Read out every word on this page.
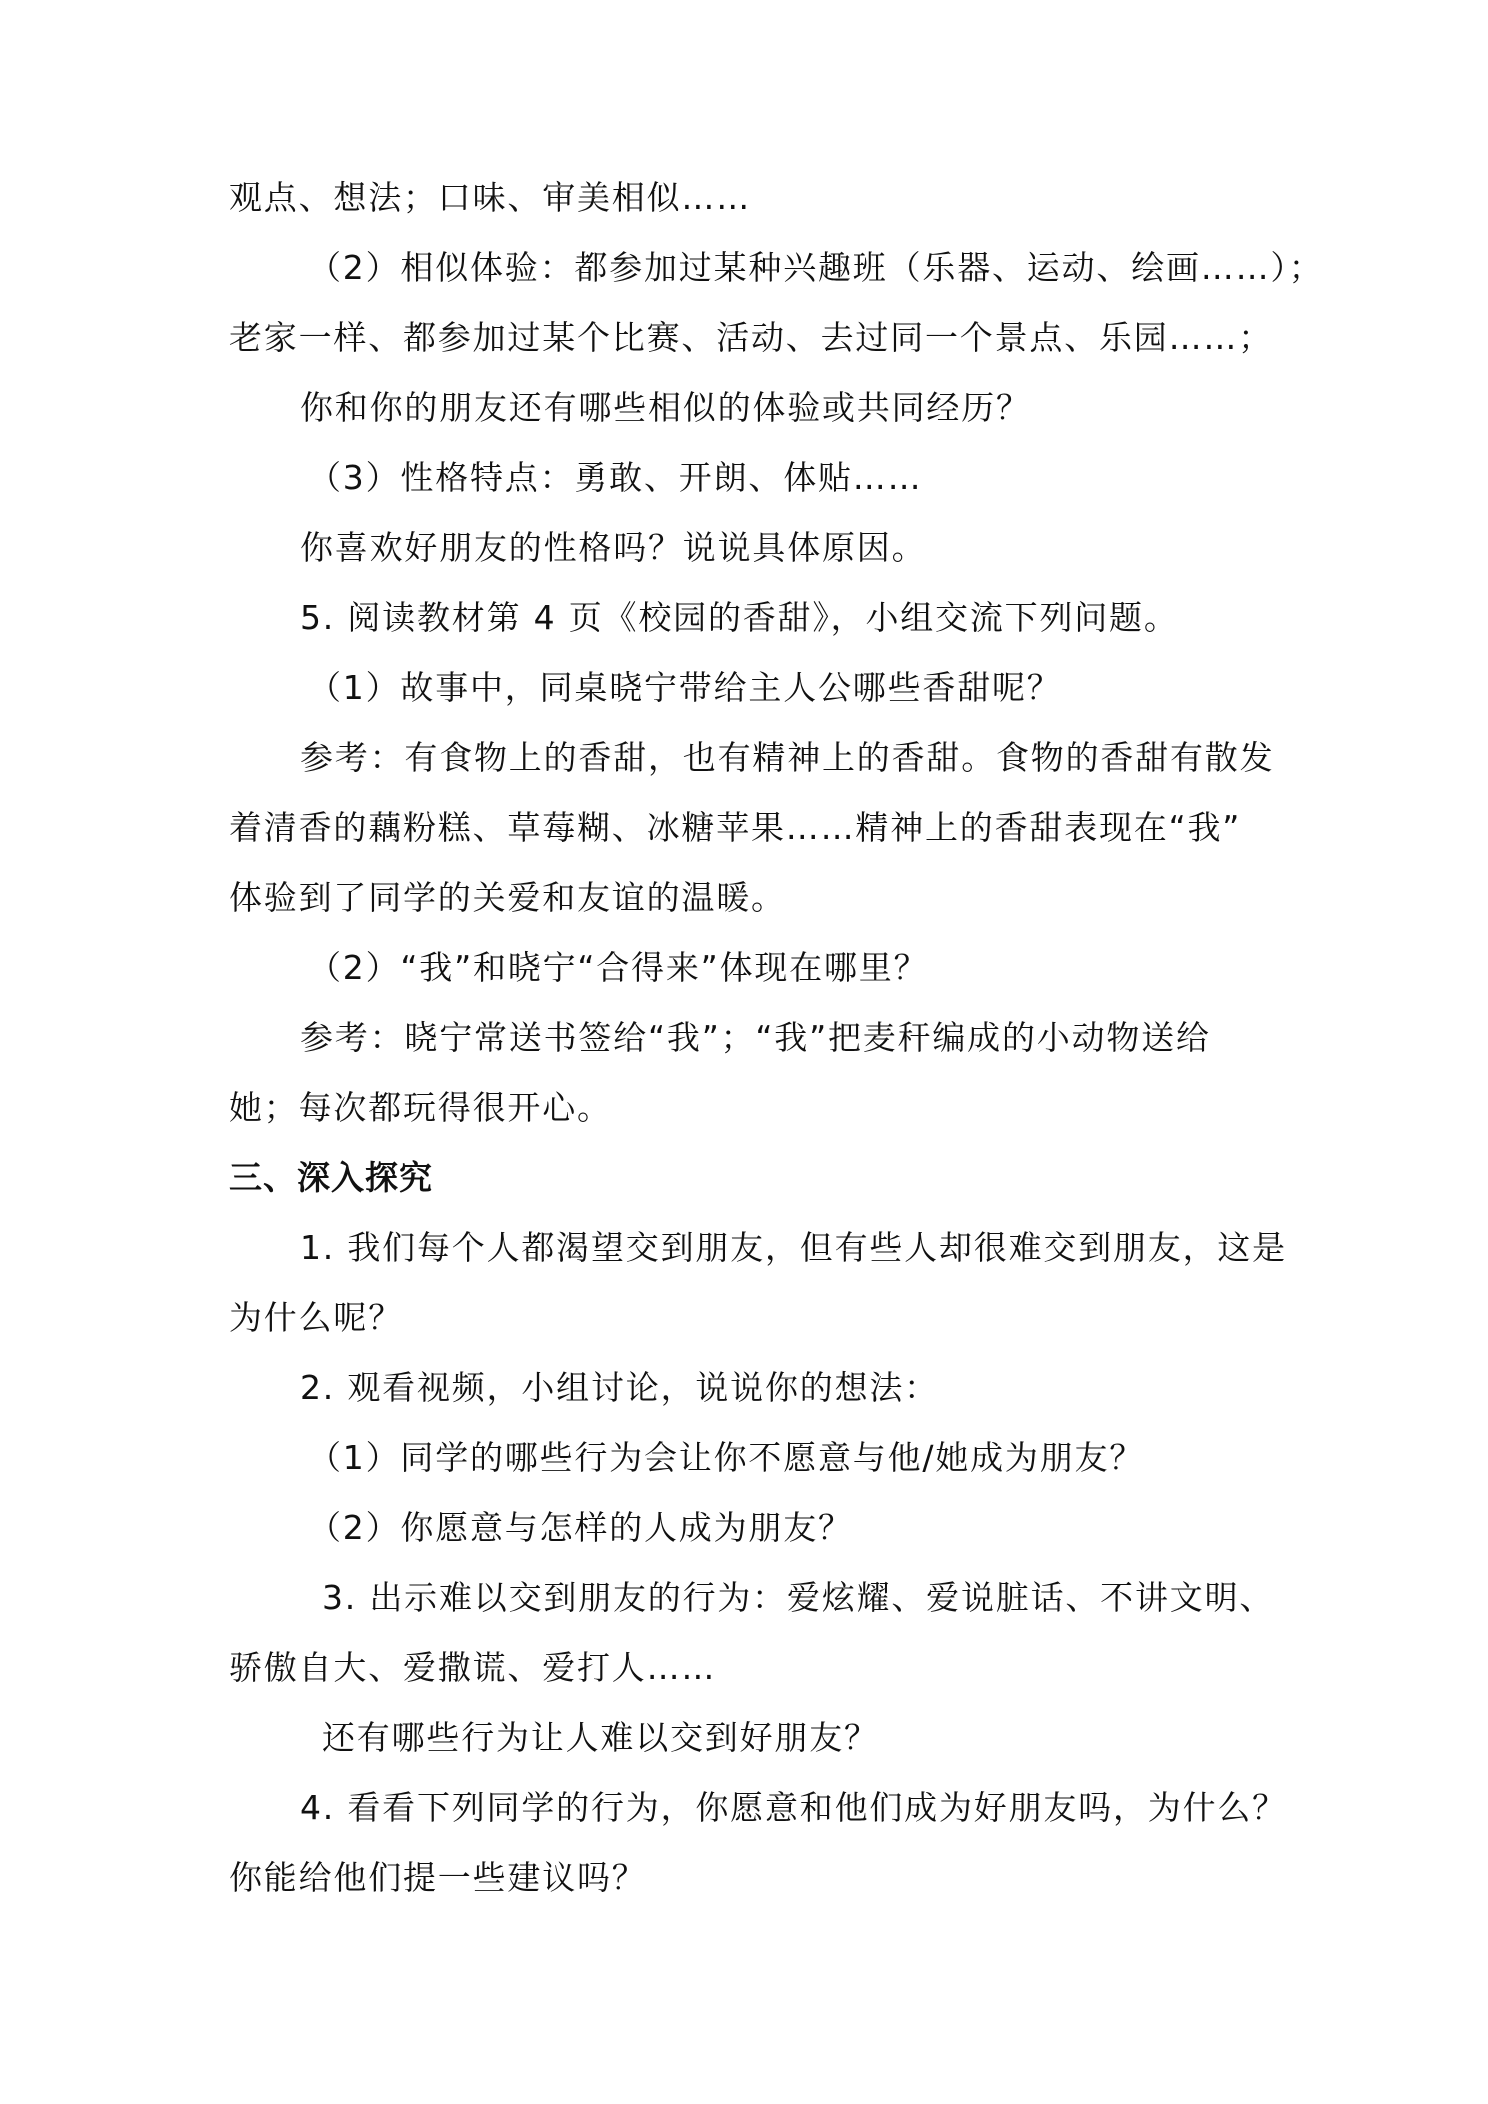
观点、想法；口味、审美相似……
（2）相似体验：都参加过某种兴趣班（乐器、运动、绘画……）；
老家一样、都参加过某个比赛、活动、去过同一个景点、乐园……；
你和你的朋友还有哪些相似的体验或共同经历？
（3）性格特点：勇敢、开朗、体贴……
你喜欢好朋友的性格吗？说说具体原因。
5. 阅读教材第 4 页《校园的香甜》，小组交流下列问题。
（1）故事中，同桌晓宁带给主人公哪些香甜呢？
参考：有食物上的香甜，也有精神上的香甜。食物的香甜有散发
着清香的藕粉糕、草莓糊、冰糖苹果……精神上的香甜表现在“我”
体验到了同学的关爱和友谊的温暖。
（2）“我”和晓宁“合得来”体现在哪里？
参考：晓宁常送书签给“我”；“我”把麦秆编成的小动物送给
她；每次都玩得很开心。
三、深入探究
1. 我们每个人都渴望交到朋友，但有些人却很难交到朋友，这是
为什么呢？
2. 观看视频，小组讨论，说说你的想法：
（1）同学的哪些行为会让你不愿意与他/她成为朋友？
（2）你愿意与怎样的人成为朋友？
3. 出示难以交到朋友的行为：爱炫耀、爱说脏话、不讲文明、
骄傲自大、爱撒谎、爱打人……
还有哪些行为让人难以交到好朋友？
4. 看看下列同学的行为，你愿意和他们成为好朋友吗，为什么？
你能给他们提一些建议吗？
